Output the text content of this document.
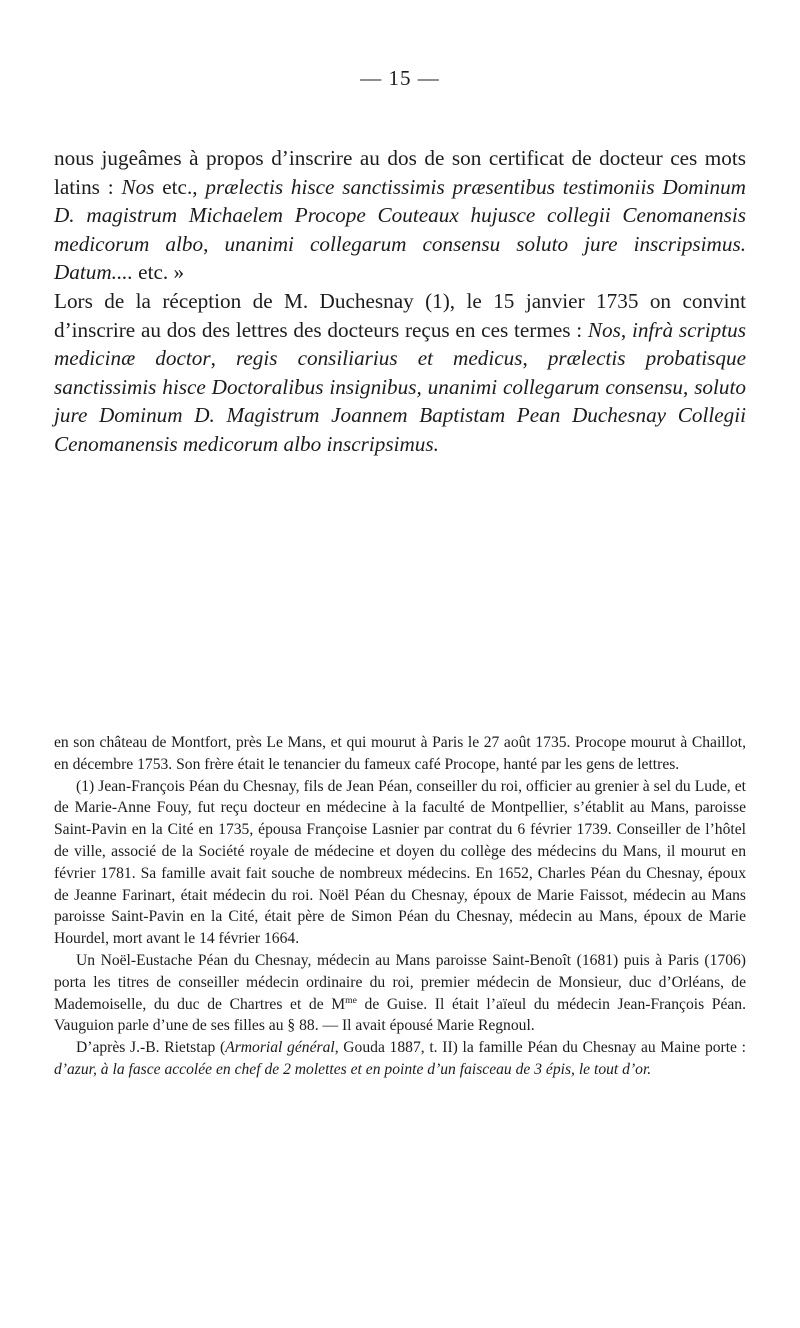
— 15 —

nous jugeâmes à propos d’inscrire au dos de son certificat de docteur ces mots latins : Nos etc., prælectis hisce sanctissimis præsentibus testimoniis Dominum D. magistrum Michaelem Procope Couteaux hujusce collegii Cenomanensis medicorum albo, unanimi collegarum consensu soluto jure inscripsimus. Datum.... etc. »

Lors de la réception de M. Duchesnay (1), le 15 janvier 1735 on convint d’inscrire au dos des lettres des docteurs reçus en ces termes : Nos, infrà scriptus medicinæ doctor, regis consiliarius et medicus, prælectis probatisque sanctissimis hisce Doctoralibus insignibus, unanimi collegarum consensu, soluto jure Dominum D. Magistrum Joannem Baptistam Pean Duchesnay Collegii Cenomanensis medicorum albo inscripsimus.

en son château de Montfort, près Le Mans, et qui mourut à Paris le 27 août 1735. Procope mourut à Chaillot, en décembre 1753. Son frère était le tenancier du fameux café Procope, hanté par les gens de lettres.

(1) Jean-François Péan du Chesnay, fils de Jean Péan, conseiller du roi, officier au grenier à sel du Lude, et de Marie-Anne Fouy, fut reçu docteur en médecine à la faculté de Montpellier, s’établit au Mans, paroisse Saint-Pavin en la Cité en 1735, épousa Françoise Lasnier par contrat du 6 février 1739. Conseiller de l’hôtel de ville, associé de la Société royale de médecine et doyen du collège des médecins du Mans, il mourut en février 1781. Sa famille avait fait souche de nombreux médecins. En 1652, Charles Péan du Chesnay, époux de Jeanne Farinart, était médecin du roi. Noël Péan du Chesnay, époux de Marie Faissot, médecin au Mans paroisse Saint-Pavin en la Cité, était père de Simon Péan du Chesnay, médecin au Mans, époux de Marie Hourdel, mort avant le 14 février 1664.

Un Noël-Eustache Péan du Chesnay, médecin au Mans paroisse Saint-Benoît (1681) puis à Paris (1706) porta les titres de conseiller médecin ordinaire du roi, premier médecin de Monsieur, duc d’Orléans, de Mademoiselle, du duc de Chartres et de $M^{me}$ de Guise. Il était l’aïeul du médecin Jean-François Péan. Vauguion parle d’une de ses filles au § 88. — Il avait épousé Marie Regnoul.

D’après J.-B. Rietstap (Armorial général, Gouda 1887, t. II) la famille Péan du Chesnay au Maine porte : d’azur, à la fasce accolée en chef de 2 molettes et en pointe d’un faisceau de 3 épis, le tout d’or.
